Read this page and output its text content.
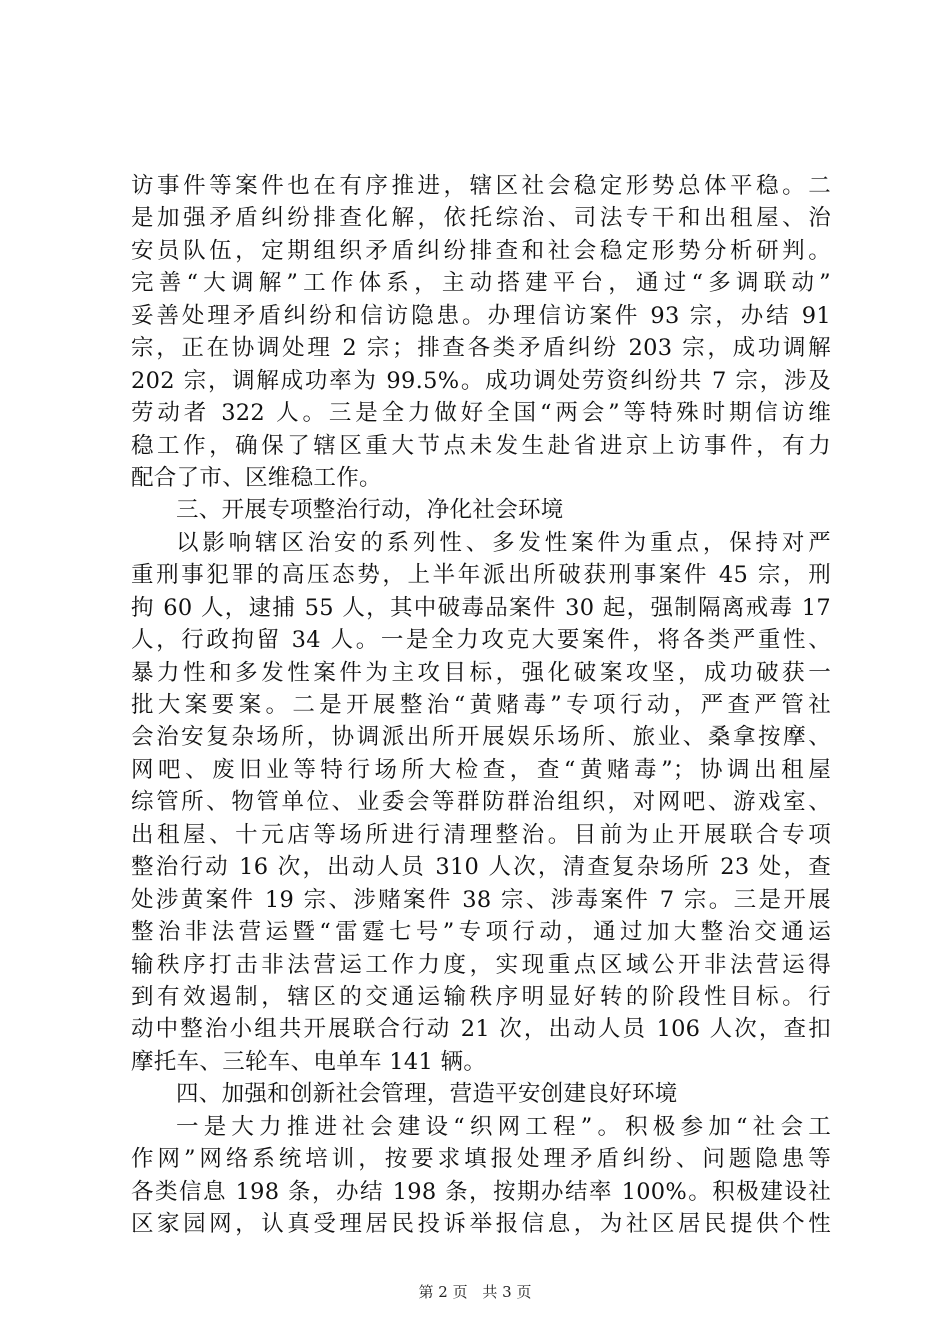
访事件等案件也在有序推进，辖区社会稳定形势总体平稳。二
是加强矛盾纠纷排查化解，依托综治、司法专干和出租屋、治
安员队伍，定期组织矛盾纠纷排查和社会稳定形势分析研判。
完善“大调解”工作体系，主动搭建平台，通过“多调联动”
妥善处理矛盾纠纷和信访隐患。办理信访案件 93 宗，办结 91
宗，正在协调处理 2 宗；排查各类矛盾纠纷 203 宗，成功调解
202 宗，调解成功率为 99.5%。成功调处劳资纠纷共 7 宗，涉及
劳动者 322 人。三是全力做好全国“两会”等特殊时期信访维
稳工作，确保了辖区重大节点未发生赴省进京上访事件，有力
配合了市、区维稳工作。
三、开展专项整治行动，净化社会环境
以影响辖区治安的系列性、多发性案件为重点，保持对严
重刑事犯罪的高压态势，上半年派出所破获刑事案件 45 宗，刑
拘 60 人，逮捕 55 人，其中破毒品案件 30 起，强制隔离戒毒 17
人，行政拘留 34 人。一是全力攻克大要案件，将各类严重性、
暴力性和多发性案件为主攻目标，强化破案攻坚，成功破获一
批大案要案。二是开展整治“黄赌毒”专项行动，严查严管社
会治安复杂场所，协调派出所开展娱乐场所、旅业、桑拿按摩、
网吧、废旧业等特行场所大检查，查“黄赌毒”；协调出租屋
综管所、物管单位、业委会等群防群治组织，对网吧、游戏室、
出租屋、十元店等场所进行清理整治。目前为止开展联合专项
整治行动 16 次，出动人员 310 人次，清查复杂场所 23 处，查
处涉黄案件 19 宗、涉赌案件 38 宗、涉毒案件 7 宗。三是开展
整治非法营运暨“雷霆七号”专项行动，通过加大整治交通运
输秩序打击非法营运工作力度，实现重点区域公开非法营运得
到有效遏制，辖区的交通运输秩序明显好转的阶段性目标。行
动中整治小组共开展联合行动 21 次，出动人员 106 人次，查扣
摩托车、三轮车、电单车 141 辆。
四、加强和创新社会管理，营造平安创建良好环境
一是大力推进社会建设“织网工程”。积极参加“社会工
作网”网络系统培训，按要求填报处理矛盾纠纷、问题隐患等
各类信息 198 条，办结 198 条，按期办结率 100%。积极建设社
区家园网，认真受理居民投诉举报信息，为社区居民提供个性
第 2 页 共 3 页
